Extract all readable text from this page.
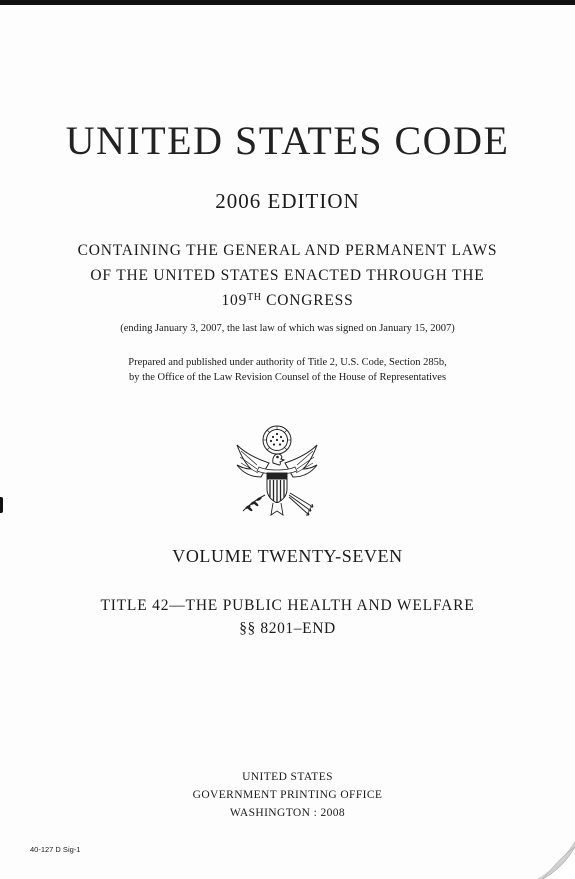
UNITED STATES CODE
2006 EDITION
CONTAINING THE GENERAL AND PERMANENT LAWS
OF THE UNITED STATES ENACTED THROUGH THE
109TH CONGRESS
(ending January 3, 2007, the last law of which was signed on January 15, 2007)
Prepared and published under authority of Title 2, U.S. Code, Section 285b,
by the Office of the Law Revision Counsel of the House of Representatives
VOLUME TWENTY-SEVEN
TITLE 42—THE PUBLIC HEALTH AND WELFARE
§§ 8201–END
UNITED STATES
GOVERNMENT PRINTING OFFICE
WASHINGTON : 2008
40-127 D Sig-1
